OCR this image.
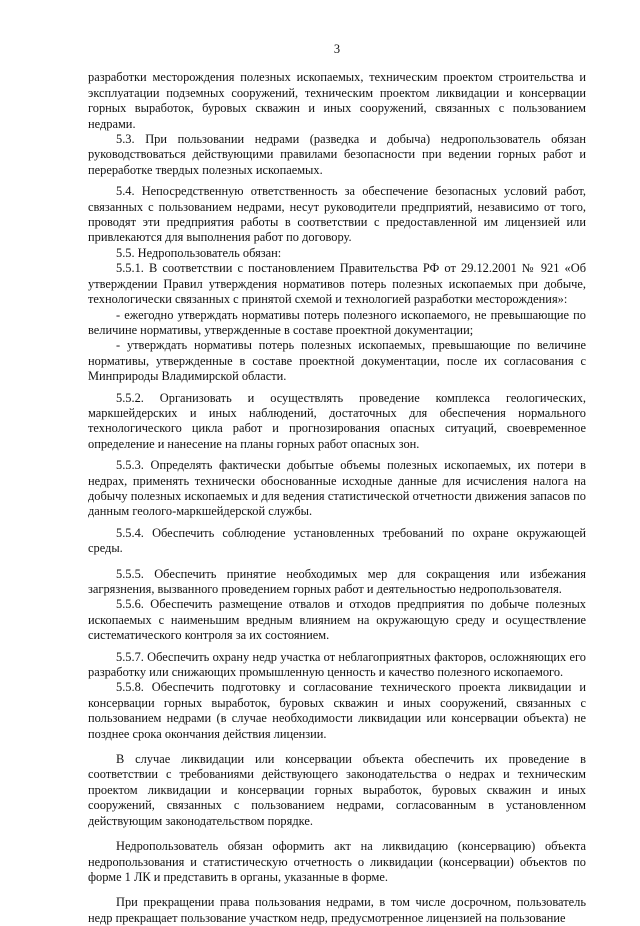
3

разработки месторождения полезных ископаемых, техническим проектом строительства и эксплуатации подземных сооружений, техническим проектом ликвидации и консервации горных выработок, буровых скважин и иных сооружений, связанных с пользованием недрами.

5.3. При пользовании недрами (разведка и добыча) недропользователь обязан руководствоваться действующими правилами безопасности при ведении горных работ и переработке твердых полезных ископаемых.

5.4. Непосредственную ответственность за обеспечение безопасных условий работ, связанных с пользованием недрами, несут руководители предприятий, независимо от того, проводят эти предприятия работы в соответствии с предоставленной им лицензией или привлекаются для выполнения работ по договору.

5.5. Недропользователь обязан:

5.5.1. В соответствии с постановлением Правительства РФ от 29.12.2001 № 921 «Об утверждении Правил утверждения нормативов потерь полезных ископаемых при добыче, технологически связанных с принятой схемой и технологией разработки месторождения»:

- ежегодно утверждать нормативы потерь полезного ископаемого, не превышающие по величине нормативы, утвержденные в составе проектной документации;

- утверждать нормативы потерь полезных ископаемых, превышающие по величине нормативы, утвержденные в составе проектной документации, после их согласования с Минприроды Владимирской области.

5.5.2. Организовать и осуществлять проведение комплекса геологических, маркшейдерских и иных наблюдений, достаточных для обеспечения нормального технологического цикла работ и прогнозирования опасных ситуаций, своевременное определение и нанесение на планы горных работ опасных зон.

5.5.3. Определять фактически добытые объемы полезных ископаемых, их потери в недрах, применять технически обоснованные исходные данные для исчисления налога на добычу полезных ископаемых и для ведения статистической отчетности движения запасов по данным геолого-маркшейдерской службы.

5.5.4. Обеспечить соблюдение установленных требований по охране окружающей среды.

5.5.5. Обеспечить принятие необходимых мер для сокращения или избежания загрязнения, вызванного проведением горных работ и деятельностью недропользователя.

5.5.6. Обеспечить размещение отвалов и отходов предприятия по добыче полезных ископаемых с наименьшим вредным влиянием на окружающую среду и осуществление систематического контроля за их состоянием.

5.5.7. Обеспечить охрану недр участка от неблагоприятных факторов, осложняющих его разработку или снижающих промышленную ценность и качество полезного ископаемого.

5.5.8. Обеспечить подготовку и согласование технического проекта ликвидации и консервации горных выработок, буровых скважин и иных сооружений, связанных с пользованием недрами (в случае необходимости ликвидации или консервации объекта) не позднее срока окончания действия лицензии.

В случае ликвидации или консервации объекта обеспечить их проведение в соответствии с требованиями действующего законодательства о недрах и техническим проектом ликвидации и консервации горных выработок, буровых скважин и иных сооружений, связанных с пользованием недрами, согласованным в установленном действующим законодательством порядке.

Недропользователь обязан оформить акт на ликвидацию (консервацию) объекта недропользования и статистическую отчетность о ликвидации (консервации) объектов по форме 1 ЛК и представить в органы, указанные в форме.

При прекращении права пользования недрами, в том числе досрочном, пользователь недр прекращает пользование участком недр, предусмотренное лицензией на пользование
